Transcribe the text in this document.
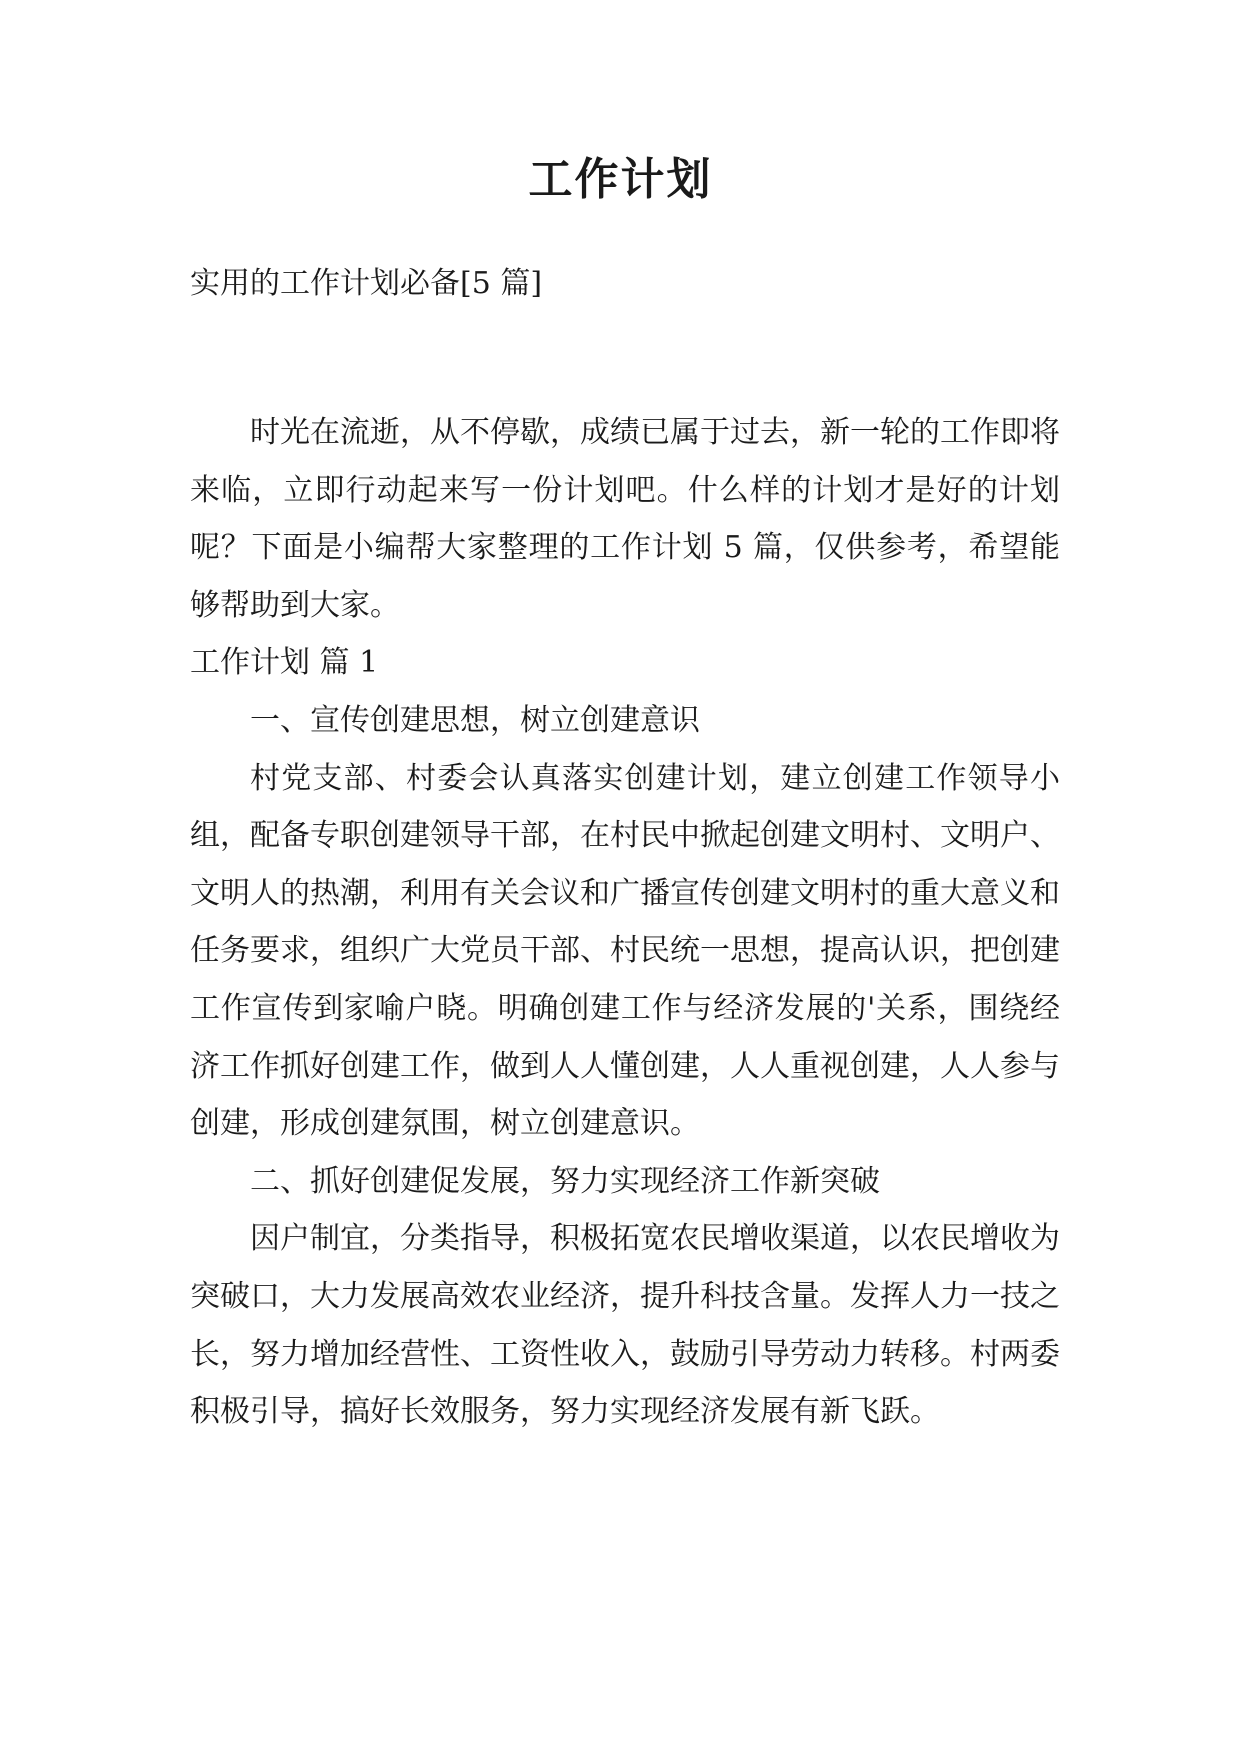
工作计划

实用的工作计划必备[5 篇]

时光在流逝，从不停歇，成绩已属于过去，新一轮的工作即将来临，立即行动起来写一份计划吧。什么样的计划才是好的计划呢？下面是小编帮大家整理的工作计划 5 篇，仅供参考，希望能够帮助到大家。

工作计划 篇 1

一、宣传创建思想，树立创建意识

村党支部、村委会认真落实创建计划，建立创建工作领导小组，配备专职创建领导干部，在村民中掀起创建文明村、文明户、文明人的热潮，利用有关会议和广播宣传创建文明村的重大意义和任务要求，组织广大党员干部、村民统一思想，提高认识，把创建工作宣传到家喻户晓。明确创建工作与经济发展的'关系，围绕经济工作抓好创建工作，做到人人懂创建，人人重视创建，人人参与创建，形成创建氛围，树立创建意识。

二、抓好创建促发展，努力实现经济工作新突破

因户制宜，分类指导，积极拓宽农民增收渠道，以农民增收为突破口，大力发展高效农业经济，提升科技含量。发挥人力一技之长，努力增加经营性、工资性收入，鼓励引导劳动力转移。村两委积极引导，搞好长效服务，努力实现经济发展有新飞跃。
